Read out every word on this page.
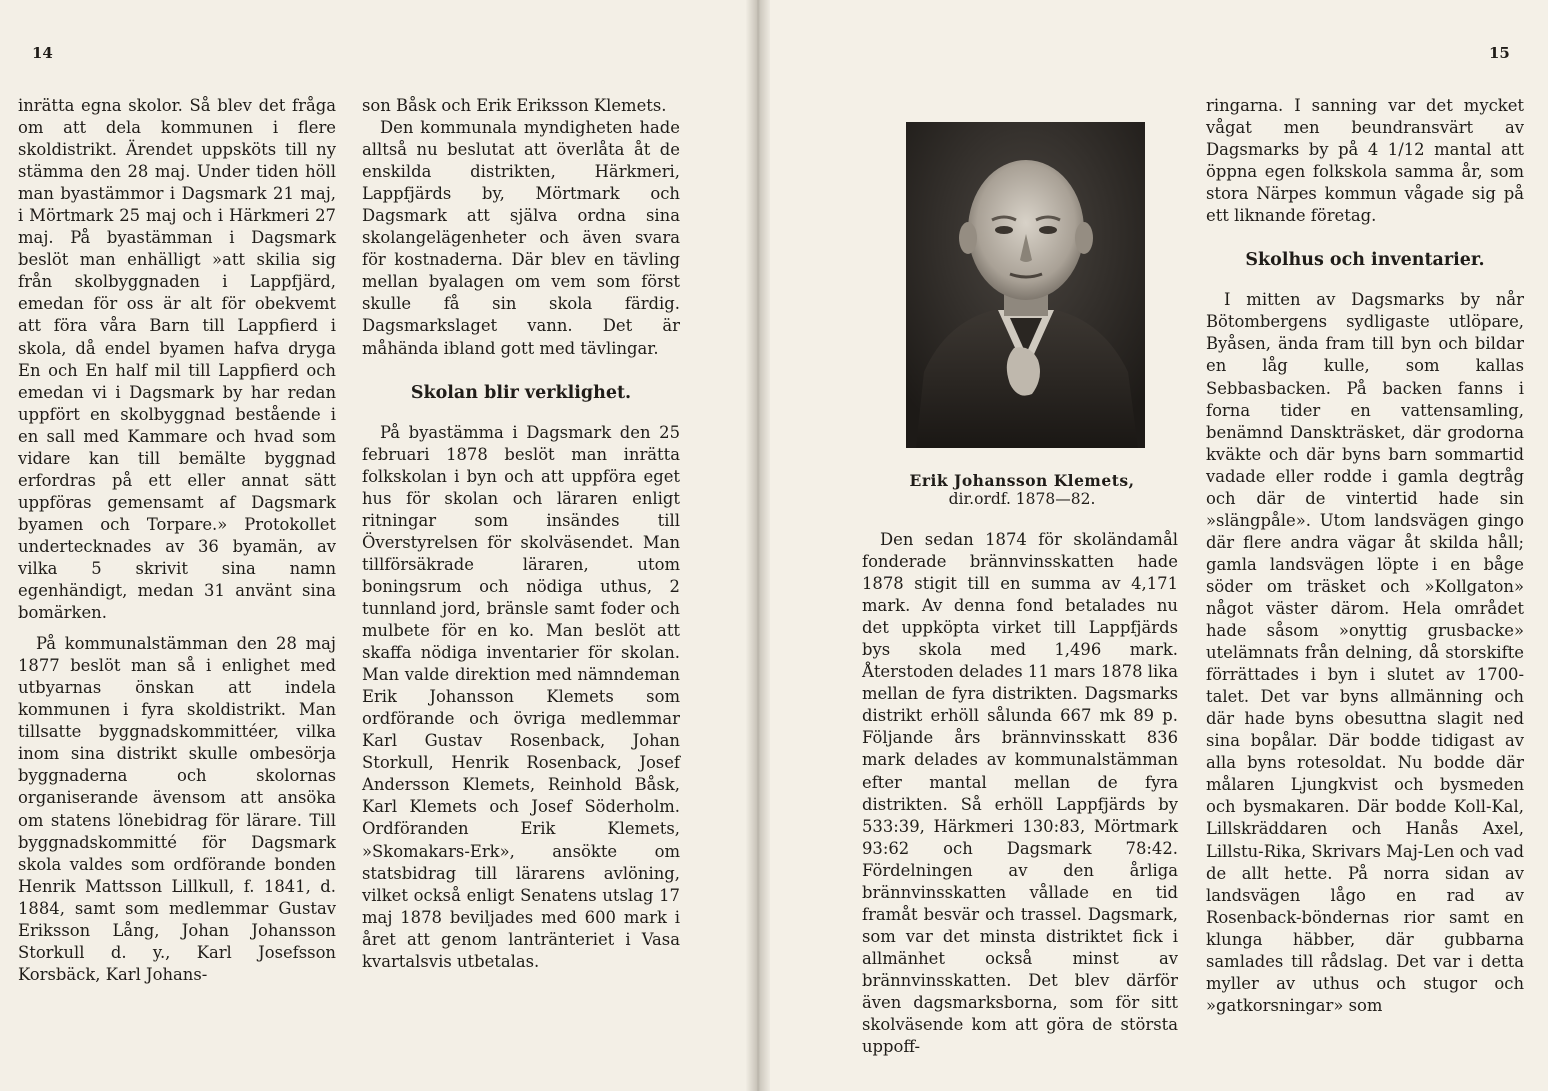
14	15

inrätta egna skolor. Så blev det fråga om att dela kommunen i flere skoldistrikt. Ärendet uppsköts till ny stämma den 28 maj. Under tiden höll man byastämmor i Dagsmark 21 maj, i Mörtmark 25 maj och i Härkmeri 27 maj. På byastämman i Dagsmark beslöt man enhälligt »att skilia sig från skolbyggnaden i Lappfjärd, emedan för oss är alt för obekvemt att föra våra Barn till Lappfierd i skola, då endel byamen hafva dryga En och En half mil till Lappfierd och emedan vi i Dagsmark by har redan uppfört en skolbyggnad bestående i en sall med Kammare och hvad som vidare kan till bemälte byggnad erfordras på ett eller annat sätt uppföras gemensamt af Dagsmark byamen och Torpare.» Protokollet undertecknades av 36 byamän, av vilka 5 skrivit sina namn egenhändigt, medan 31 använt sina bomärken.

På kommunalstämman den 28 maj 1877 beslöt man så i enlighet med utbyarnas önskan att indela kommunen i fyra skoldistrikt. Man tillsatte byggnadskommittéer, vilka inom sina distrikt skulle ombesörja byggnaderna och skolornas organiserande ävensom att ansöka om statens lönebidrag för lärare. Till byggnadskommitté för Dagsmark skola valdes som ordförande bonden Henrik Mattsson Lillkull, f. 1841, d. 1884, samt som medlemmar Gustav Eriksson Lång, Johan Johansson Storkull d. y., Karl Josefsson Korsbäck, Karl Johans-

son Båsk och Erik Eriksson Klemets.

Den kommunala myndigheten hade alltså nu beslutat att överlåta åt de enskilda distrikten, Härkmeri, Lappfjärds by, Mörtmark och Dagsmark att själva ordna sina skolangelägenheter och även svara för kostnaderna. Där blev en tävling mellan byalagen om vem som först skulle få sin skola färdig. Dagsmarkslaget vann. Det är måhända ibland gott med tävlingar.

Skolan blir verklighet.

På byastämma i Dagsmark den 25 februari 1878 beslöt man inrätta folkskolan i byn och att uppföra eget hus för skolan och läraren enligt ritningar som insändes till Överstyrelsen för skolväsendet. Man tillförsäkrade läraren, utom boningsrum och nödiga uthus, 2 tunnland jord, bränsle samt foder och mulbete för en ko. Man beslöt att skaffa nödiga inventarier för skolan. Man valde direktion med nämndeman Erik Johansson Klemets som ordförande och övriga medlemmar Karl Gustav Rosenback, Johan Storkull, Henrik Rosenback, Josef Andersson Klemets, Reinhold Båsk, Karl Klemets och Josef Söderholm. Ordföranden Erik Klemets, »Skomakars-Erk», ansökte om statsbidrag till lärarens avlöning, vilket också enligt Senatens utslag 17 maj 1878 beviljades med 600 mark i året att genom lantränteriet i Vasa kvartalsvis utbetalas.

Erik Johansson Klemets,
dir.ordf. 1878—82.

Den sedan 1874 för skoländamål fonderade brännvinsskatten hade 1878 stigit till en summa av 4,171 mark. Av denna fond betalades nu det uppköpta virket till Lappfjärds bys skola med 1,496 mark. Återstoden delades 11 mars 1878 lika mellan de fyra distrikten. Dagsmarks distrikt erhöll sålunda 667 mk 89 p. Följande års brännvinsskatt 836 mark delades av kommunalstämman efter mantal mellan de fyra distrikten. Så erhöll Lappfjärds by 533:39, Härkmeri 130:83, Mörtmark 93:62 och Dagsmark 78:42. Fördelningen av den årliga brännvinsskatten vållade en tid framåt besvär och trassel. Dagsmark, som var det minsta distriktet fick i allmänhet också minst av brännvinsskatten. Det blev därför även dagsmarksborna, som för sitt skolväsende kom att göra de största uppoff-

ringarna. I sanning var det mycket vågat men beundransvärt av Dagsmarks by på 4 1/12 mantal att öppna egen folkskola samma år, som stora Närpes kommun vågade sig på ett liknande företag.

Skolhus och inventarier.

I mitten av Dagsmarks by når Bötombergens sydligaste utlöpare, Byåsen, ända fram till byn och bildar en låg kulle, som kallas Sebbasbacken. På backen fanns i forna tider en vattensamling, benämnd Danskträsket, där grodorna kväkte och där byns barn sommartid vadade eller rodde i gamla degtråg och där de vintertid hade sin »slängpåle». Utom landsvägen gingo där flere andra vägar åt skilda håll; gamla landsvägen löpte i en båge söder om träsket och »Kollgaton» något väster därom. Hela området hade såsom »onyttig grusbacke» utelämnats från delning, då storskifte förrättades i byn i slutet av 1700-talet. Det var byns allmänning och där hade byns obesuttna slagit ned sina bopålar. Där bodde tidigast av alla byns rotesoldat. Nu bodde där målaren Ljungkvist och bysmeden och bysmakaren. Där bodde Koll-Kal, Lillskräddaren och Hanås Axel, Lillstu-Rika, Skrivars Maj-Len och vad de allt hette. På norra sidan av landsvägen lågo en rad av Rosenback-böndernas rior samt en klunga häbber, där gubbarna samlades till rådslag. Det var i detta myller av uthus och stugor och »gatkorsningar» som
